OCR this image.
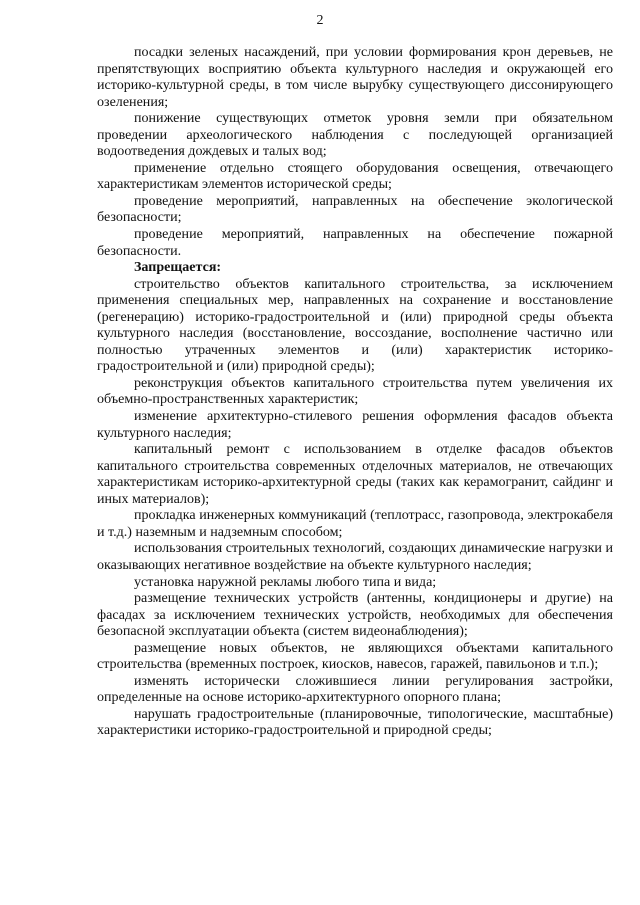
2

посадки зеленых насаждений, при условии формирования крон деревьев, не препятствующих восприятию объекта культурного наследия и окружающей его историко-культурной среды, в том числе вырубку существующего диссонирующего озеленения;

понижение существующих отметок уровня земли при обязательном проведении археологического наблюдения с последующей организацией водоотведения дождевых и талых вод;

применение отдельно стоящего оборудования освещения, отвечающего характеристикам элементов исторической среды;

проведение мероприятий, направленных на обеспечение экологической безопасности;

проведение мероприятий, направленных на обеспечение пожарной безопасности.

Запрещается:

строительство объектов капитального строительства, за исключением применения специальных мер, направленных на сохранение и восстановление (регенерацию) историко-градостроительной и (или) природной среды объекта культурного наследия (восстановление, воссоздание, восполнение частично или полностью утраченных элементов и (или) характеристик историко-градостроительной и (или) природной среды);

реконструкция объектов капитального строительства путем увеличения их объемно-пространственных характеристик;

изменение архитектурно-стилевого решения оформления фасадов объекта культурного наследия;

капитальный ремонт с использованием в отделке фасадов объектов капитального строительства современных отделочных материалов, не отвечающих характеристикам историко-архитектурной среды (таких как керамогранит, сайдинг и иных материалов);

прокладка инженерных коммуникаций (теплотрасс, газопровода, электрокабеля и т.д.) наземным и надземным способом;

использования строительных технологий, создающих динамические нагрузки и оказывающих негативное воздействие на объекте культурного наследия;

установка наружной рекламы любого типа и вида;

размещение технических устройств (антенны, кондиционеры и другие) на фасадах за исключением технических устройств, необходимых для обеспечения безопасной эксплуатации объекта (систем видеонаблюдения);

размещение новых объектов, не являющихся объектами капитального строительства (временных построек, киосков, навесов, гаражей, павильонов и т.п.);

изменять исторически сложившиеся линии регулирования застройки, определенные на основе историко-архитектурного опорного плана;

нарушать градостроительные (планировочные, типологические, масштабные) характеристики историко-градостроительной и природной среды;
